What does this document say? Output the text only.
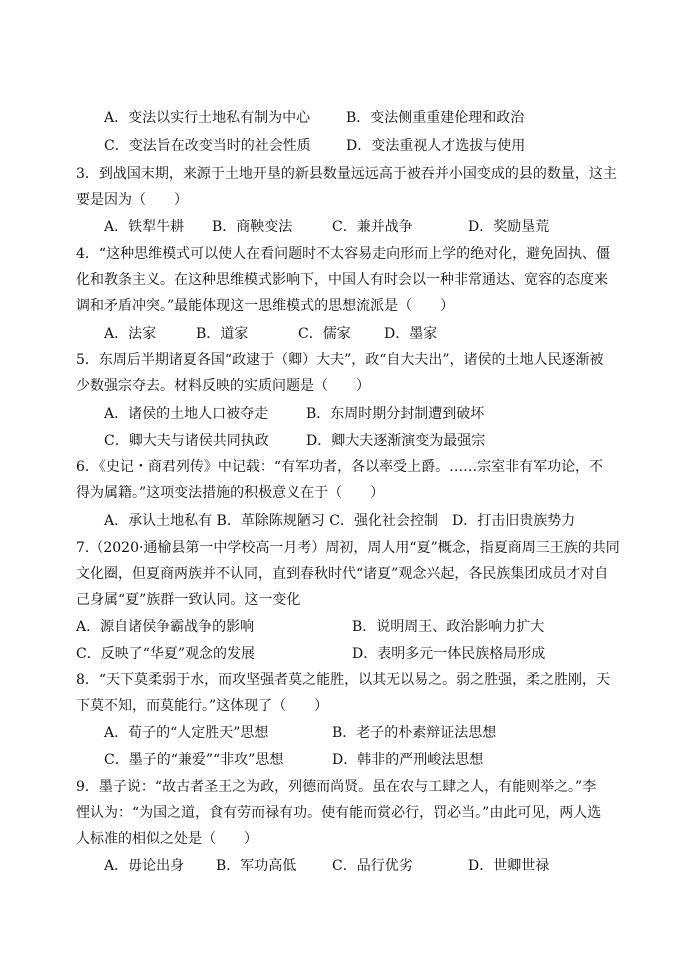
A．变法以实行土地私有制为中心	B．变法侧重重建伦理和政治
C．变法旨在改变当时的社会性质	D．变法重视人才选拔与使用
3．到战国末期，来源于土地开垦的新县数量远远高于被吞并小国变成的县的数量，这主
要是因为（　　）
A．铁犁牛耕 B．商鞅变法	C．兼并战争	D．奖励垦荒
4．“这种思维模式可以使人在看问题时不太容易走向形而上学的绝对化，避免固执、僵
化和教条主义。在这种思维模式影响下，中国人有时会以一种非常通达、宽容的态度来
调和矛盾冲突。”最能体现这一思维模式的思想流派是（　　）
A．法家	B．道家	C．儒家 D．墨家
5．东周后半期诸夏各国“政逮于（卿）大夫”，政“自大夫出”，诸侯的土地人民逐渐被
少数强宗夺去。材料反映的实质问题是（　　）
A．诸侯的土地人口被夺走	B．东周时期分封制遭到破坏
C．卿大夫与诸侯共同执政	D．卿大夫逐渐演变为最强宗
6．《史记・商君列传》中记载：“有军功者，各以率受上爵。……宗室非有军功论，不
得为属籍。”这项变法措施的积极意义在于（　　）
A．承认土地私有 B．革除陈规陋习 C．强化社会控制　D．打击旧贵族势力
7.（2020·通榆县第一中学校高一月考）周初，周人用“夏”概念，指夏商周三王族的共同
文化圈，但夏商两族并不认同，直到春秋时代“诸夏”观念兴起，各民族集团成员才对自
己身属“夏”族群一致认同。这一变化
A．源自诸侯争霸战争的影响	B．说明周王、政治影响力扩大
C．反映了“华夏”观念的发展	D．表明多元一体民族格局形成
8．“天下莫柔弱于水，而攻坚强者莫之能胜，以其无以易之。弱之胜强，柔之胜刚，天
下莫不知，而莫能行。”这体现了（　　）
A．荀子的“人定胜天”思想	B．老子的朴素辩证法思想
C．墨子的“兼爱”“非攻”思想	D．韩非的严刑峻法思想
9．墨子说：“故古者圣王之为政，列德而尚贤。虽在农与工肆之人，有能则举之。”李
悝认为：“为国之道，食有劳而禄有功。使有能而赏必行，罚必当。”由此可见，两人选
人标准的相似之处是（　　）
A．毋论出身 B．军功高低	C．品行优劣	D．世卿世禄
